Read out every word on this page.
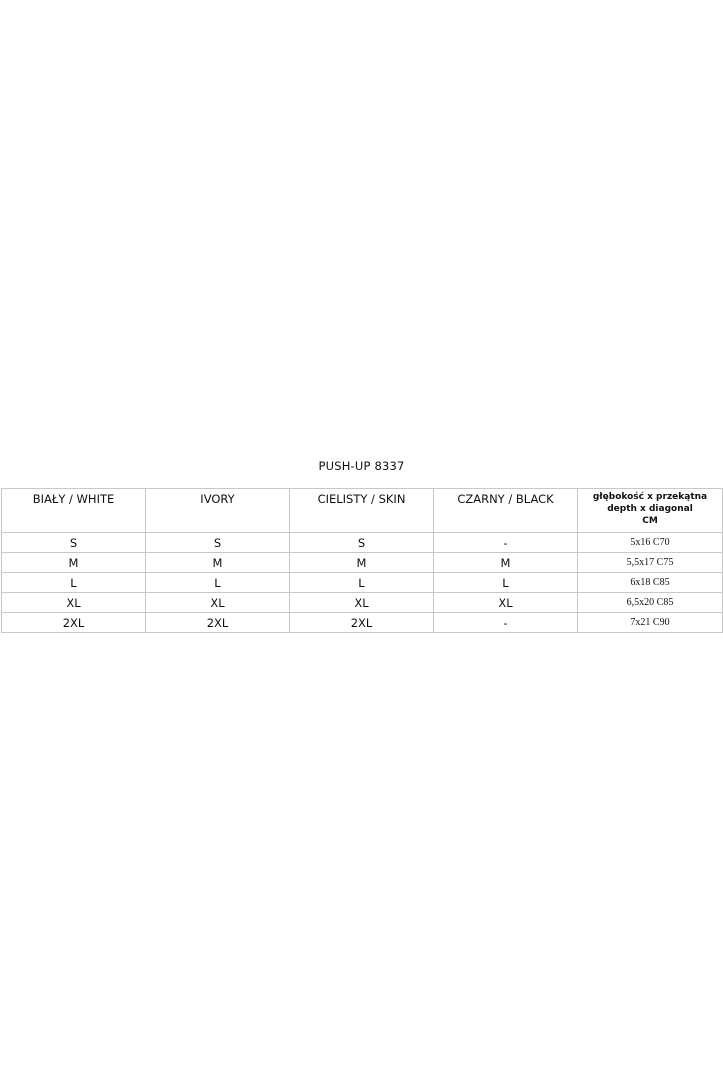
PUSH-UP 8337
BIAŁY / WHITE	IVORY	CIELISTY / SKIN	CZARNY / BLACK	głębokość x przekątna
depth x diagonal
CM

S	S	S	-	5x16 C70
M	M	M	M	5,5x17 C75
L	L	L	L	6x18 C85
XL	XL	XL	XL	6,5x20 C85
2XL	2XL	2XL	-	7x21 C90
